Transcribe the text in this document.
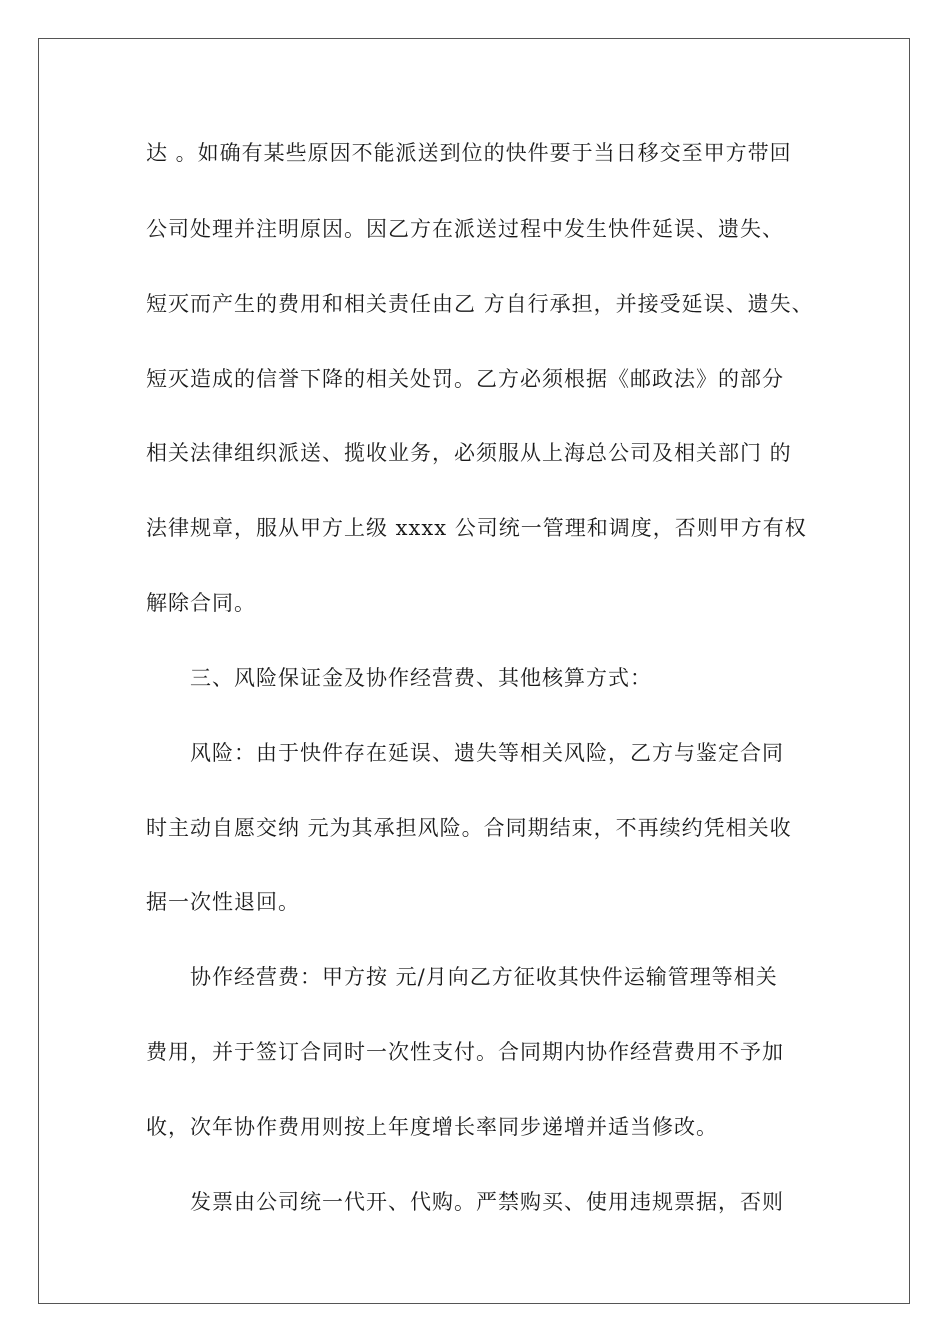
达 。如确有某些原因不能派送到位的快件要于当日移交至甲方带回
公司处理并注明原因。因乙方在派送过程中发生快件延误、遗失、
短灭而产生的费用和相关责任由乙 方自行承担，并接受延误、遗失、
短灭造成的信誉下降的相关处罚。乙方必须根据《邮政法》的部分
相关法律组织派送、揽收业务，必须服从上海总公司及相关部门 的
法律规章，服从甲方上级 xxxx 公司统一管理和调度，否则甲方有权
解除合同。
三、风险保证金及协作经营费、其他核算方式：
风险：由于快件存在延误、遗失等相关风险，乙方与鉴定合同
时主动自愿交纳 元为其承担风险。合同期结束，不再续约凭相关收
据一次性退回。
协作经营费：甲方按 元/月向乙方征收其快件运输管理等相关
费用，并于签订合同时一次性支付。合同期内协作经营费用不予加
收，次年协作费用则按上年度增长率同步递增并适当修改。
发票由公司统一代开、代购。严禁购买、使用违规票据，否则
